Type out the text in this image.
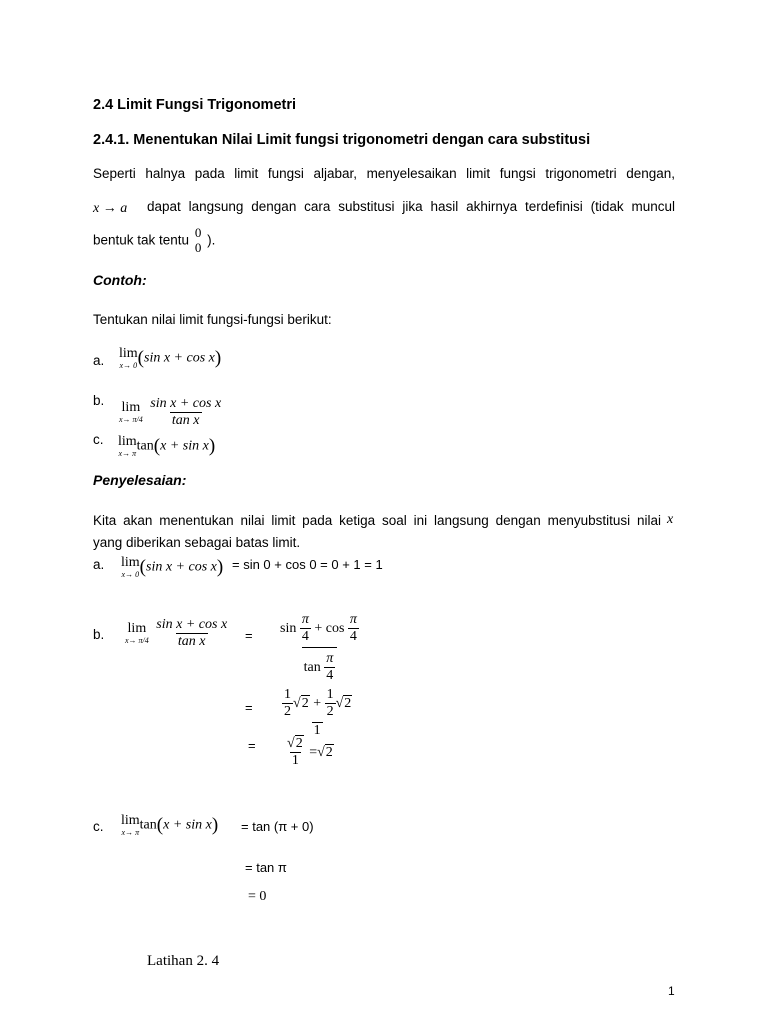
2.4 Limit Fungsi Trigonometri
2.4.1. Menentukan Nilai Limit fungsi trigonometri dengan cara substitusi
Seperti halnya pada limit fungsi aljabar, menyelesaikan limit fungsi trigonometri dengan,
x → a dapat langsung dengan cara substitusi jika hasil akhirnya terdefinisi (tidak muncul
bentuk tak tentu 0
0 ).
Contoh:
Tentukan nilai limit fungsi-fungsi berikut:
a. lim
x→ 0 (sin x + cos x)
b. lim
x→ π/4
$\frac{\text{sin x + cos x}}{\text{tan x}}$
c. lim
x→ π tan(x + sin x)
Penyelesaian:
Kita akan menentukan nilai limit pada ketiga soal ini langsung dengan menyubstitusi nilai x
yang diberikan sebagai batas limit.
a. lim
x→ 0 (sin x + cos x) = sin 0 + cos 0 = 0 + 1 = 1
b. lim
x→ π/4
$\frac{\text{sin x + cos x}}{\text{tan x}} = \frac{\sin \frac{\pi}{4} + \cos \frac{\pi}{4}}{\tan \frac{\pi}{4}}$
= $\frac{\frac{1}{2} √2 + \frac{1}{2} √2}{1}$
= $\frac{√2}{1} =√2$
c. lim
x→ π tan(x + sin x) = tan (π + 0)
= tan π
= 0
Latihan 2. 4
1
